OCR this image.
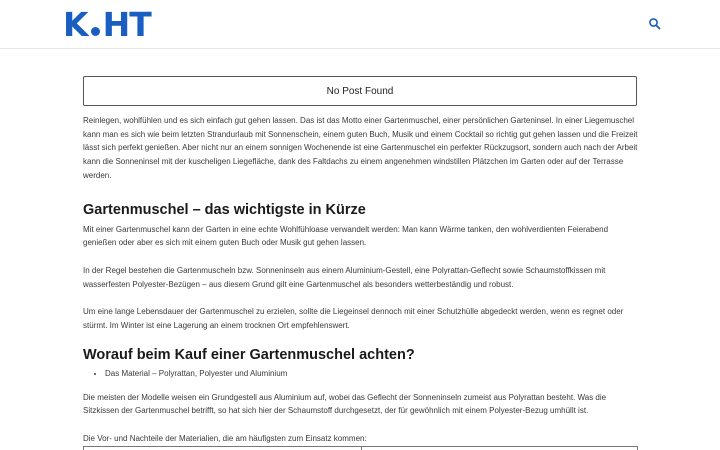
K HT
No Post Found

Reinlegen, wohlfühlen und es sich einfach gut gehen lassen. Das ist das Motto einer Gartenmuschel, einer persönlichen Garteninsel. In einer Liegemuschel kann man es sich wie beim letzten Strandurlaub mit Sonnenschein, einem guten Buch, Musik und einem Cocktail so richtig gut gehen lassen und die Freizeit lässt sich perfekt genießen. Aber nicht nur an einem sonnigen Wochenende ist eine Gartenmuschel ein perfekter Rückzugsort, sondern auch nach der Arbeit kann die Sonneninsel mit der kuscheligen Liegefläche, dank des Faltdachs zu einem angenehmen windstillen Plätzchen im Garten oder auf der Terrasse werden.

Gartenmuschel – das wichtigste in Kürze

Mit einer Gartenmuschel kann der Garten in eine echte Wohlfühloase verwandelt werden: Man kann Wärme tanken, den wohlverdienten Feierabend genießen oder aber es sich mit einem guten Buch oder Musik gut gehen lassen.

In der Regel bestehen die Gartenmuscheln bzw. Sonneninseln aus einem Aluminium-Gestell, eine Polyrattan-Geflecht sowie Schaumstoffkissen mit wasserfesten Polyester-Bezügen – aus diesem Grund gilt eine Gartenmuschel als besonders wetterbeständig und robust.

Um eine lange Lebensdauer der Gartenmuschel zu erzielen, sollte die Liegeinsel dennoch mit einer Schutzhülle abgedeckt werden, wenn es regnet oder stürmt. Im Winter ist eine Lagerung an einem trocknen Ort empfehlenswert.

Worauf beim Kauf einer Gartenmuschel achten?
• Das Material – Polyrattan, Polyester und Aluminium

Die meisten der Modelle weisen ein Grundgestell aus Aluminium auf, wobei das Geflecht der Sonneninseln zumeist aus Polyrattan besteht. Was die Sitzkissen der Gartenmuschel betrifft, so hat sich hier der Schaumstoff durchgesetzt, der für gewöhnlich mit einem Polyester-Bezug umhüllt ist.

Die Vor- und Nachteile der Materialien, die am häufigsten zum Einsatz kommen:
